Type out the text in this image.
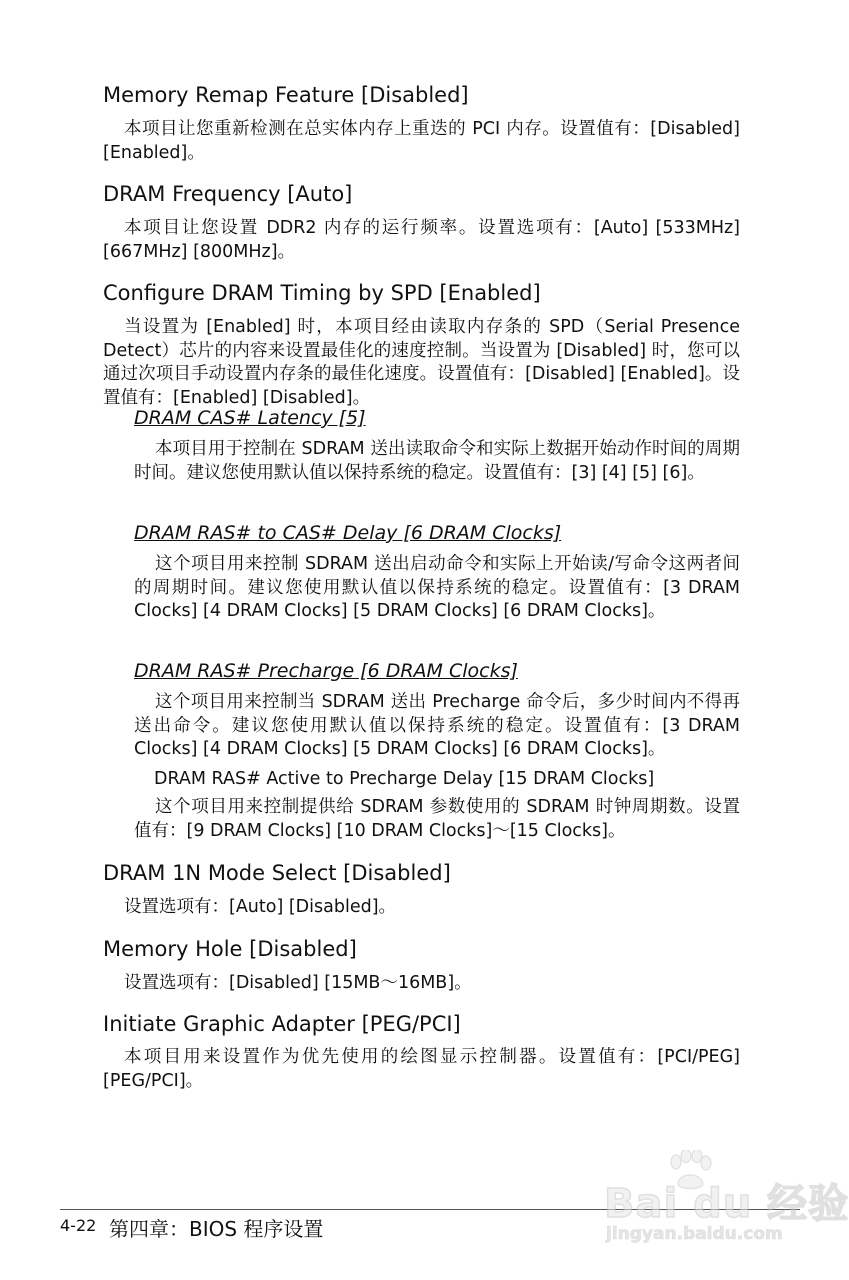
Memory Remap Feature [Disabled]
本项目让您重新检测在总实体内存上重迭的 PCI 内存。设置值有：[Disabled] [Enabled]。
DRAM Frequency [Auto]
本项目让您设置 DDR2 内存的运行频率。设置选项有：[Auto] [533MHz] [667MHz] [800MHz]。
Configure DRAM Timing by SPD [Enabled]
当设置为 [Enabled] 时，本项目经由读取内存条的 SPD（Serial Presence Detect）芯片的内容来设置最佳化的速度控制。当设置为 [Disabled] 时，您可以通过次项目手动设置内存条的最佳化速度。设置值有：[Disabled] [Enabled]。设置值有：[Enabled] [Disabled]。
DRAM CAS# Latency [5]
本项目用于控制在 SDRAM 送出读取命令和实际上数据开始动作时间的周期时间。建议您使用默认值以保持系统的稳定。设置值有：[3] [4] [5] [6]。
DRAM RAS# to CAS# Delay [6 DRAM Clocks]
这个项目用来控制 SDRAM 送出启动命令和实际上开始读/写命令这两者间的周期时间。建议您使用默认值以保持系统的稳定。设置值有：[3 DRAM Clocks] [4 DRAM Clocks] [5 DRAM Clocks] [6 DRAM Clocks]。
DRAM RAS# Precharge [6 DRAM Clocks]
这个项目用来控制当 SDRAM 送出 Precharge 命令后，多少时间内不得再送出命令。建议您使用默认值以保持系统的稳定。设置值有：[3 DRAM Clocks] [4 DRAM Clocks] [5 DRAM Clocks] [6 DRAM Clocks]。
DRAM RAS# Active to Precharge Delay [15 DRAM Clocks]
这个项目用来控制提供给 SDRAM 参数使用的 SDRAM 时钟周期数。设置值有：[9 DRAM Clocks] [10 DRAM Clocks]～[15 Clocks]。
DRAM 1N Mode Select [Disabled]
设置选项有：[Auto] [Disabled]。
Memory Hole [Disabled]
设置选项有：[Disabled] [15MB～16MB]。
Initiate Graphic Adapter [PEG/PCI]
本项目用来设置作为优先使用的绘图显示控制器。设置值有：[PCI/PEG] [PEG/PCI]。
4-22 第四章：BIOS 程序设置
Bai du 经验
jingyan.baidu.com
